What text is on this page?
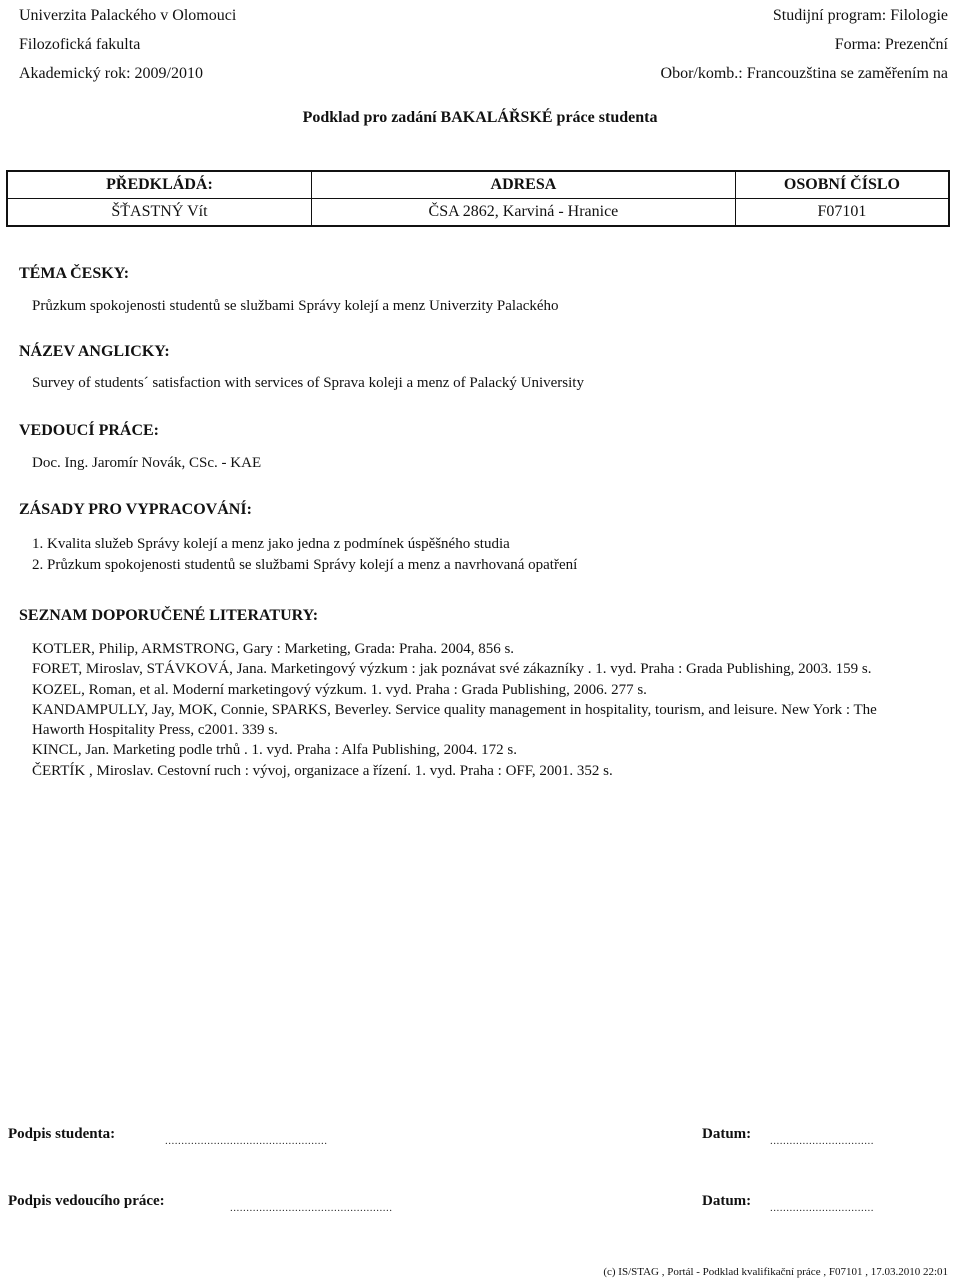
Univerzita Palackého v Olomouci
Filozofická fakulta
Akademický rok: 2009/2010
Studijní program: Filologie
Forma: Prezenční
Obor/komb.: Francouzština se zaměřením na
Podklad pro zadání BAKALÁŘSKÉ práce studenta
PŘEDKLÁDÁ:	ADRESA	OSOBNÍ ČÍSLO
ŠŤASTNÝ Vít	ČSA 2862, Karviná - Hranice	F07101
TÉMA ČESKY:
Průzkum spokojenosti studentů se službami Správy kolejí a menz Univerzity Palackého
NÁZEV ANGLICKY:
Survey of students´ satisfaction with services of Sprava koleji a menz of Palacký University
VEDOUCÍ PRÁCE:
Doc. Ing. Jaromír Novák, CSc. - KAE
ZÁSADY PRO VYPRACOVÁNÍ:
1. Kvalita služeb Správy kolejí a menz jako jedna z podmínek úspěšného studia
2. Průzkum spokojenosti studentů se službami Správy kolejí a menz a navrhovaná opatření
SEZNAM DOPORUČENÉ LITERATURY:
KOTLER, Philip, ARMSTRONG, Gary : Marketing, Grada: Praha. 2004, 856 s.
FORET, Miroslav, STÁVKOVÁ, Jana. Marketingový výzkum : jak poznávat své zákazníky . 1. vyd. Praha : Grada Publishing, 2003. 159 s.
KOZEL, Roman, et al. Moderní marketingový výzkum. 1. vyd. Praha : Grada Publishing, 2006. 277 s.
KANDAMPULLY, Jay, MOK, Connie, SPARKS, Beverley. Service quality management in hospitality, tourism, and leisure. New York : The Haworth Hospitality Press, c2001. 339 s.
KINCL, Jan. Marketing podle trhů . 1. vyd. Praha : Alfa Publishing, 2004. 172 s.
ČERTÍK , Miroslav. Cestovní ruch : vývoj, organizace a řízení. 1. vyd. Praha : OFF, 2001. 352 s.
Podpis studenta:	..................................................	Datum: ................................
Podpis vedoucího práce:	..................................................	Datum: ................................
(c) IS/STAG , Portál - Podklad kvalifikační práce , F07101 , 17.03.2010 22:01
